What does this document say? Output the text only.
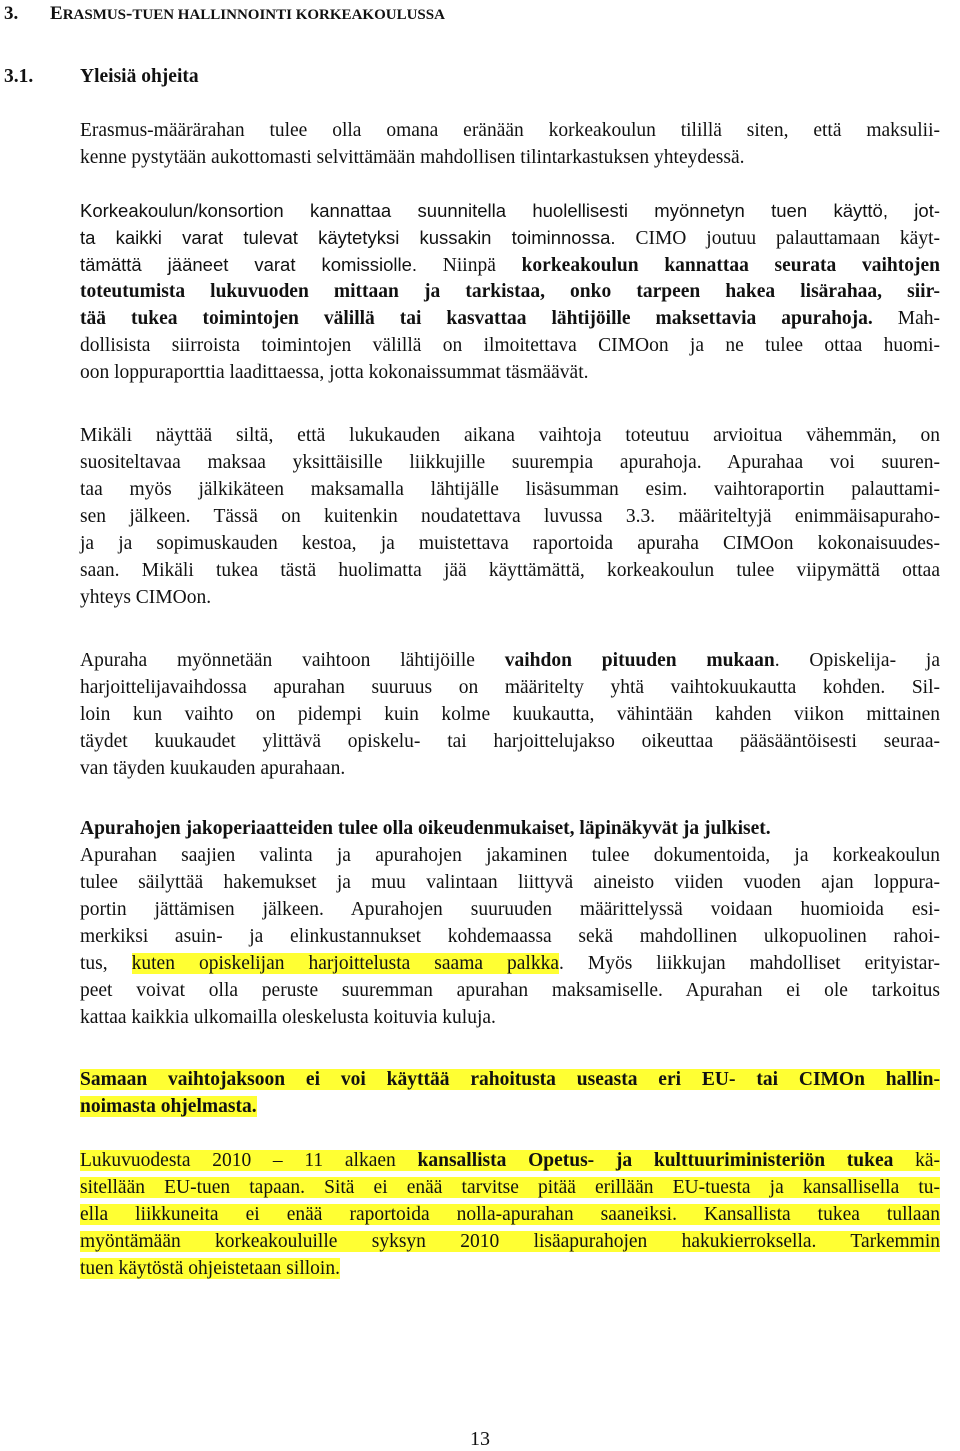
3. ERASMUS-TUEN HALLINNOINTI KORKEAKOULUSSA
3.1. Yleisiä ohjeita
Erasmus-määrärahan tulee olla omana eränään korkeakoulun tilillä siten, että maksulii-
kenne pystytään aukottomasti selvittämään mahdollisen tilintarkastuksen yhteydessä.
Korkeakoulun/konsortion kannattaa suunnitella huolellisesti myönnetyn tuen käyttö, jot-
ta kaikki varat tulevat käytetyksi kussakin toiminnossa. CIMO joutuu palauttamaan käyt-
tämättä jääneet varat komissiolle. Niinpä korkeakoulun kannattaa seurata vaihtojen
toteutumista lukuvuoden mittaan ja tarkistaa, onko tarpeen hakea lisärahaa, siir-
tää tukea toimintojen välillä tai kasvattaa lähtijöille maksettavia apurahoja. Mah-
dollisista siirroista toimintojen välillä on ilmoitettava CIMOon ja ne tulee ottaa huomi-
oon loppuraporttia laadittaessa, jotta kokonaissummat täsmäävät.
Mikäli näyttää siltä, että lukukauden aikana vaihtoja toteutuu arvioitua vähemmän, on
suositeltavaa maksaa yksittäisille liikkujille suurempia apurahoja. Apurahaa voi suuren-
taa myös jälkikäteen maksamalla lähtijälle lisäsumman esim. vaihtoraportin palauttami-
sen jälkeen. Tässä on kuitenkin noudatettava luvussa 3.3. määriteltyjä enimmäisapuraho-
ja ja sopimuskauden kestoa, ja muistettava raportoida apuraha CIMOon kokonaisuudes-
saan. Mikäli tukea tästä huolimatta jää käyttämättä, korkeakoulun tulee viipymättä ottaa
yhteys CIMOon.
Apuraha myönnetään vaihtoon lähtijöille vaihdon pituuden mukaan. Opiskelija- ja
harjoittelijavaihdossa apurahan suuruus on määritelty yhtä vaihtokuukautta kohden. Sil-
loin kun vaihto on pidempi kuin kolme kuukautta, vähintään kahden viikon mittainen
täydet kuukaudet ylittävä opiskelu- tai harjoittelujakso oikeuttaa pääsääntöisesti seuraa-
van täyden kuukauden apurahaan.
Apurahojen jakoperiaatteiden tulee olla oikeudenmukaiset, läpinäkyvät ja julkiset.
Apurahan saajien valinta ja apurahojen jakaminen tulee dokumentoida, ja korkeakoulun
tulee säilyttää hakemukset ja muu valintaan liittyvä aineisto viiden vuoden ajan loppura-
portin jättämisen jälkeen. Apurahojen suuruuden määrittelyssä voidaan huomioida esi-
merkiksi asuin- ja elinkustannukset kohdemaassa sekä mahdollinen ulkopuolinen rahoi-
tus, kuten opiskelijan harjoittelusta saama palkka. Myös liikkujan mahdolliset erityistar-
peet voivat olla peruste suuremman apurahan maksamiselle. Apurahan ei ole tarkoitus
kattaa kaikkia ulkomailla oleskelusta koituvia kuluja.
Samaan vaihtojaksoon ei voi käyttää rahoitusta useasta eri EU- tai CIMOn hallin-
noimasta ohjelmasta.
Lukuvuodesta 2010 – 11 alkaen kansallista Opetus- ja kulttuuriministeriön tukea kä-
sitellään EU-tuen tapaan. Sitä ei enää tarvitse pitää erillään EU-tuesta ja kansallisella tu-
ella liikkuneita ei enää raportoida nolla-apurahan saaneiksi. Kansallista tukea tullaan
myöntämään korkeakouluille syksyn 2010 lisäapurahojen hakukierroksella. Tarkemmin
tuen käytöstä ohjeistetaan silloin.
13
